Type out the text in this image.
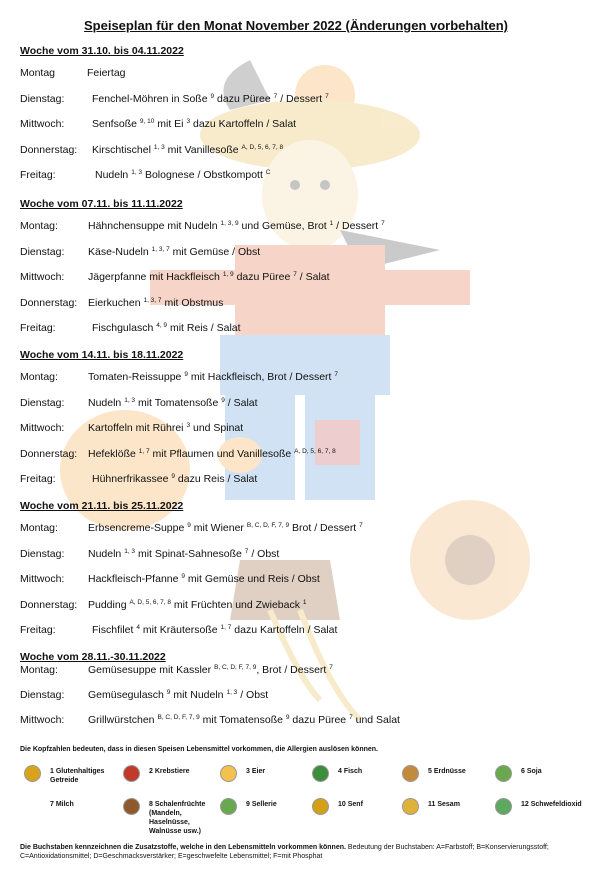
Speiseplan für den Monat November 2022 (Änderungen vorbehalten)
Woche vom 31.10. bis 04.11.2022
Montag	Feiertag
Dienstag:	Fenchel-Möhren in Soße $^9$ dazu Püree $^7$ / Dessert $^7$
Mittwoch:	Senfsoße $^{9, 10}$ mit Ei $^3$ dazu Kartoffeln / Salat
Donnerstag: Kirschtischel $^{1, 3}$ mit Vanillesoße $^{A, D, 5, 6, 7, 8}$
Freitag:	Nudeln $^{1, 3}$ Bolognese / Obstkompott $^C$
Woche vom 07.11. bis 11.11.2022
Montag:	Hähnchensuppe mit Nudeln $^{1, 3, 9}$ und Gemüse, Brot $^1$ / Dessert $^7$
Dienstag: Käse-Nudeln $^{1, 3, 7}$ mit Gemüse / Obst
Mittwoch: Jägerpfanne mit Hackfleisch $^{1, 9}$ dazu Püree $^7$ / Salat
Donnerstag: Eierkuchen $^{1, 3, 7}$ mit Obstmus
Freitag:	Fischgulasch $^{4, 9}$ mit Reis / Salat
Woche vom 14.11. bis 18.11.2022
Montag:	Tomaten-Reissuppe $^9$ mit Hackfleisch, Brot / Dessert $^7$
Dienstag: Nudeln $^{1, 3}$ mit Tomatensoße $^9$ / Salat
Mittwoch: Kartoffeln mit Rührei $^3$ und Spinat
Donnerstag: Hefeklöße $^{1, 7}$ mit Pflaumen und Vanillesoße $^{A, D, 5, 6, 7, 8}$
Freitag:	Hühnerfrikassee $^9$ dazu Reis / Salat
Woche vom 21.11. bis 25.11.2022
Montag:	Erbsencreme-Suppe $^9$ mit Wiener $^{B, C, D, F, 7, 9}$ Brot / Dessert $^7$
Dienstag: Nudeln $^{1, 3}$ mit Spinat-Sahnesoße $^7$ / Obst
Mittwoch: Hackfleisch-Pfanne $^9$ mit Gemüse und Reis / Obst
Donnerstag: Pudding $^{A, D, 5, 6, 7, 8}$ mit Früchten und Zwieback $^1$
Freitag:	Fischfilet $^4$ mit Kräutersoße $^{1, 7}$ dazu Kartoffeln / Salat
Woche vom 28.11.-30.11.2022
Montag:	Gemüsesuppe mit Kassler $^{B, C, D, F, 7, 9}$, Brot / Dessert $^7$
Dienstag: Gemüsegulasch $^9$ mit Nudeln $^{1, 3}$ / Obst
Mittwoch: Grillwürstchen $^{B, C, D, F, 7, 9}$ mit Tomatensoße $^9$ dazu Püree $^7$ und Salat
Die Kopfzahlen bedeuten, dass in diesen Speisen Lebensmittel vorkommen, die Allergien auslösen können.
1 Glutenhaltiges Getreide
2 Krebstiere	3 Eier	4 Fisch	5 Erdnüsse	6 Soja
7 Milch	8 Schalenfrüchte (Mandeln, Haselnüsse, Walnüsse usw.)
9 Sellerie	10 Senf	11 Sesam	12 Schwefeldioxid
Die Buchstaben kennzeichnen die Zusatzstoffe, welche in den Lebensmitteln vorkommen können. Bedeutung der Buchstaben: A=Farbstoff; B=Konservierungsstoff; C=Antioxidationsmittel; D=Geschmacksverstärker; E=geschwefelte Lebensmittel; F=mit Phosphat
